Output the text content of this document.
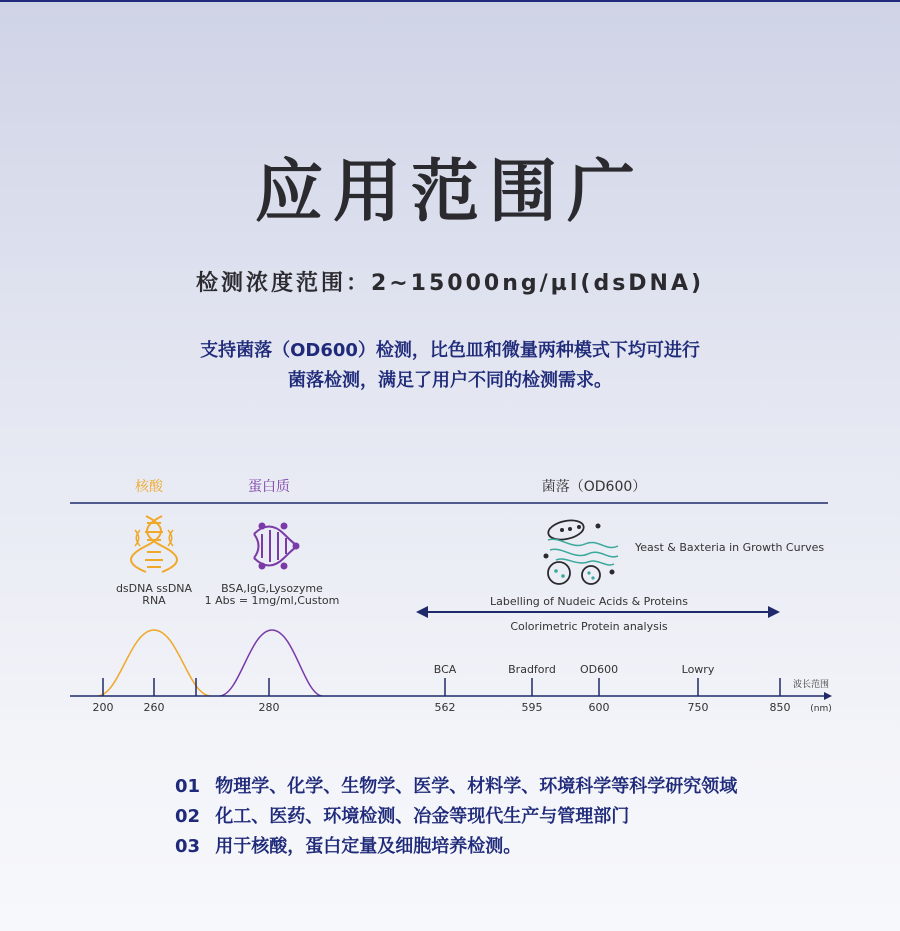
应用范围广
检测浓度范围：2~15000ng/µl(dsDNA)
支持菌落（OD600）检测，比色皿和微量两种模式下均可进行
菌落检测，满足了用户不同的检测需求。
核酸	蛋白质	菌落（OD600）
dsDNA ssDNA
RNA
BSA,IgG,Lysozyme
1 Abs = 1mg/ml,Custom
Yeast & Baxteria in Growth Curves
Labelling of Nudeic Acids & Proteins
Colorimetric Protein analysis
200	260	280
BCA
562
Bradford
595
OD600
600
Lowry
750	850
波长范围
(nm)
01 物理学、化学、生物学、医学、材料学、环境科学等科学研究领域
02 化工、医药、环境检测、冶金等现代生产与管理部门
03 用于核酸，蛋白定量及细胞培养检测。
